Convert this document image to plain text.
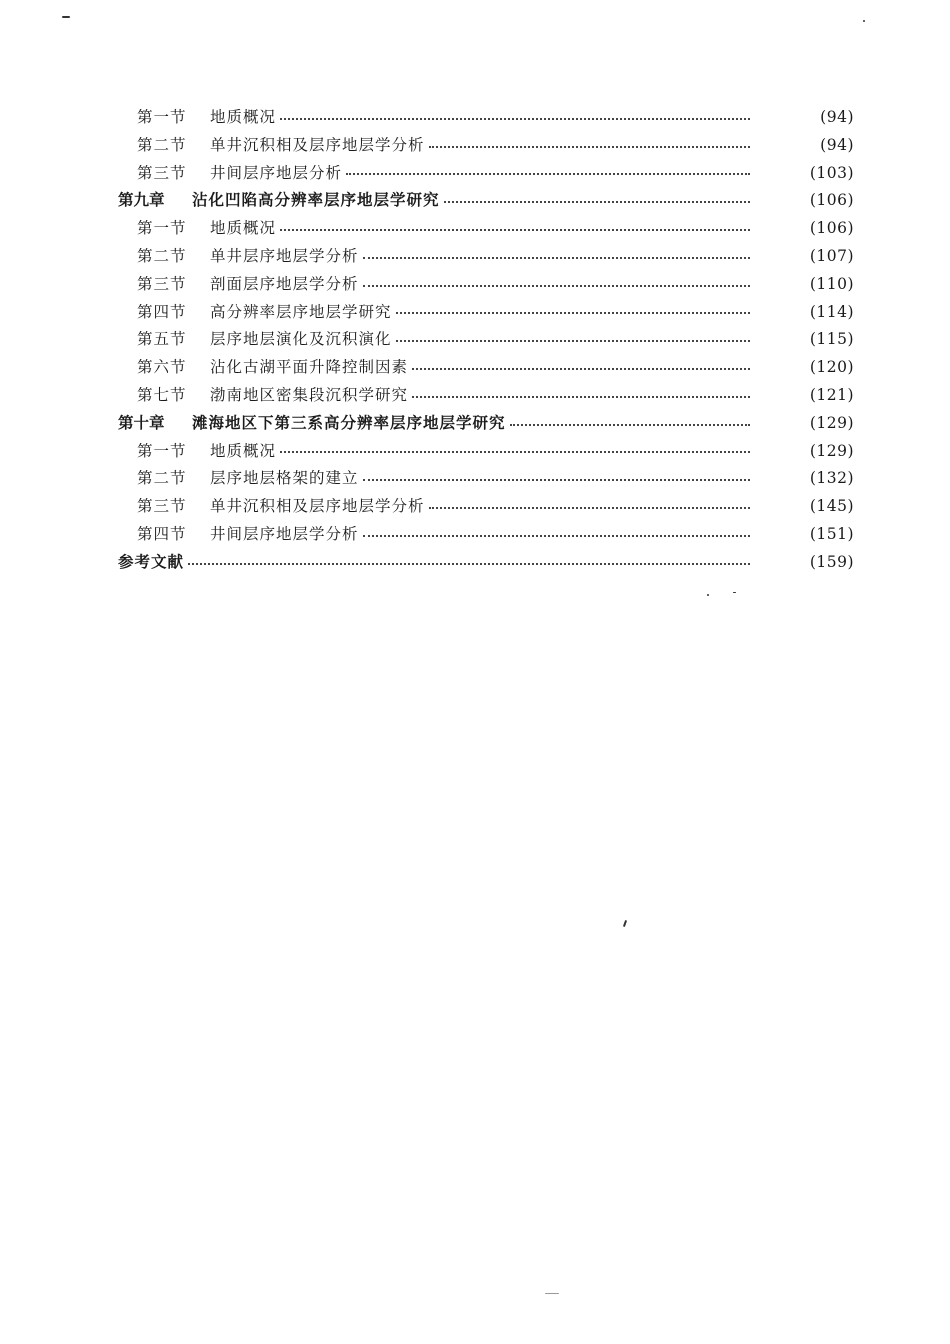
第一节	地质概况	(94)
第二节	单井沉积相及层序地层学分析	(94)
第三节	井间层序地层分析	(103)
第九章	沾化凹陷高分辨率层序地层学研究	(106)
第一节	地质概况	(106)
第二节	单井层序地层学分析	(107)
第三节	剖面层序地层学分析	(110)
第四节	高分辨率层序地层学研究	(114)
第五节	层序地层演化及沉积演化	(115)
第六节	沾化古湖平面升降控制因素	(120)
第七节	渤南地区密集段沉积学研究	(121)
第十章	滩海地区下第三系高分辨率层序地层学研究	(129)
第一节	地质概况	(129)
第二节	层序地层格架的建立	(132)
第三节	单井沉积相及层序地层学分析	(145)
第四节	井间层序地层学分析	(151)
参考文献	(159)
